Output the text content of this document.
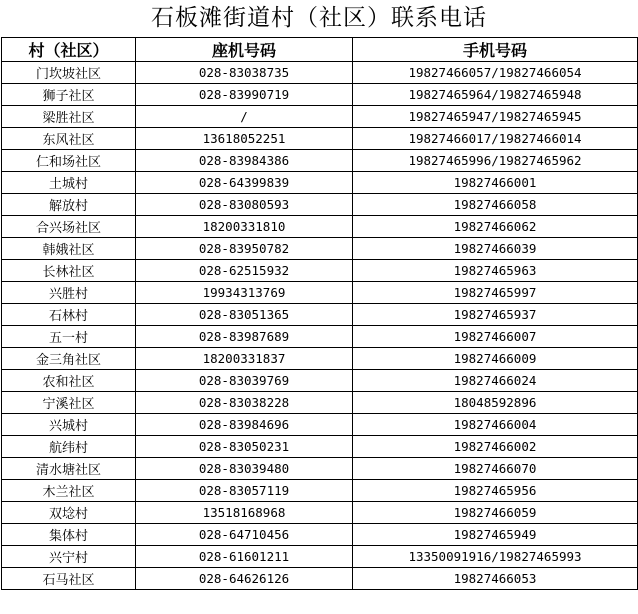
石板滩街道村（社区）联系电话
村（社区）	座机号码	手机号码
门坎坡社区	028-83038735	19827466057/19827466054
狮子社区	028-83990719	19827465964/19827465948
梁胜社区	/	19827465947/19827465945
东风社区	13618052251	19827466017/19827466014
仁和场社区	028-83984386	19827465996/19827465962
土城村	028-64399839	19827466001
解放村	028-83080593	19827466058
合兴场社区	18200331810	19827466062
韩娥社区	028-83950782	19827466039
长林社区	028-62515932	19827465963
兴胜村	19934313769	19827465997
石林村	028-83051365	19827465937
五一村	028-83987689	19827466007
金三角社区	18200331837	19827466009
农和社区	028-83039769	19827466024
宁溪社区	028-83038228	18048592896
兴城村	028-83984696	19827466004
航纬村	028-83050231	19827466002
清水塘社区	028-83039480	19827466070
木兰社区	028-83057119	19827465956
双埝村	13518168968	19827466059
集体村	028-64710456	19827465949
兴宁村	028-61601211	13350091916/19827465993
石马社区	028-64626126	19827466053
